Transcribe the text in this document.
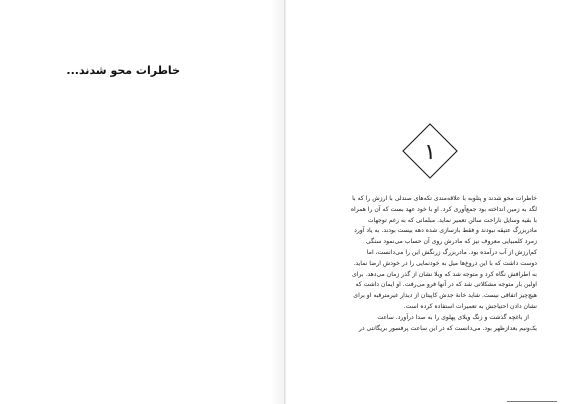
خاطرات محو شدند...
۱
خاطرات محو شدند و پتلوبه با علاقه‌مندی تکه‌های صندلی با ارزش را که با
لگد به زمین انداخته بود جمع‌آوری کرد. او با خود عهد بست که آن را همراه
با بقیه وسایل ناراحت سالن تعمیر نماید. مبلمانی که به رغم توجهات
مادربزرگ عتیقه نبودند و فقط بازسازی شده دهه بیست بودند. به یاد آورد
زمرد کلمبیایی معروف نیز که مادرش روی آن حساب می‌نمود سنگی
کم‌ارزش از آب درآمده بود. مادربزرگ زرنگش این را می‌دانست، اما
دوست داشت که با این دروغ‌ها میل به خودنمایی را در خودش ارضا نماید.
به اطرافش نگاه کرد و متوجه شد که ویلا نشان از گذر زمان می‌دهد. برای
اولین بار متوجه مشکلاتی شد که در آنها فرو می‌رفت. او ایمان داشت که
هیچ‌چیز اتفاقی نیست. شاید خانهٔ جدش کاپیتان از دیدار غیرمترقبه او برای
نشان دادن احتیاجش به تعمیرات استفاده کرده است.
از باغچه گذشت و زنگ ویلای پهلوی را به صدا درآورد. ساعت
یک‌ونیم بعدازظهر بود. می‌دانست که در این ساعت پرفسور بریگانتی در
